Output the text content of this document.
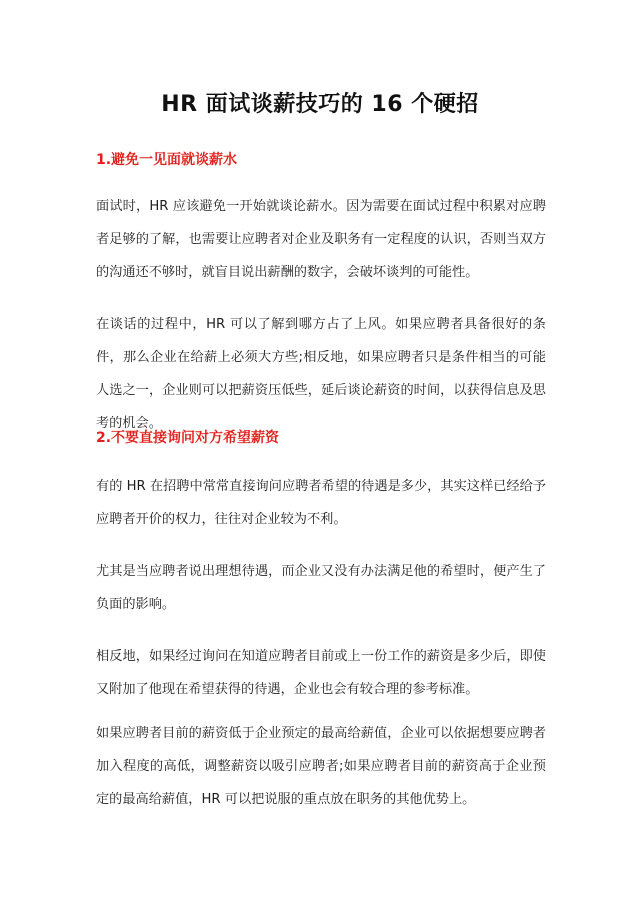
HR 面试谈薪技巧的 16 个硬招
1.避免一见面就谈薪水

面试时，HR 应该避免一开始就谈论薪水。因为需要在面试过程中积累对应聘者足够的了解，也需要让应聘者对企业及职务有一定程度的认识，否则当双方的沟通还不够时，就盲目说出薪酬的数字，会破坏谈判的可能性。

在谈话的过程中，HR 可以了解到哪方占了上风。如果应聘者具备很好的条件，那么企业在给薪上必须大方些;相反地，如果应聘者只是条件相当的可能人选之一，企业则可以把薪资压低些，延后谈论薪资的时间，以获得信息及思考的机会。

2.不要直接询问对方希望薪资

有的 HR 在招聘中常常直接询问应聘者希望的待遇是多少，其实这样已经给予应聘者开价的权力，往往对企业较为不利。

尤其是当应聘者说出理想待遇，而企业又没有办法满足他的希望时，便产生了负面的影响。

相反地，如果经过询问在知道应聘者目前或上一份工作的薪资是多少后，即使又附加了他现在希望获得的待遇，企业也会有较合理的参考标准。

如果应聘者目前的薪资低于企业预定的最高给薪值，企业可以依据想要应聘者加入程度的高低，调整薪资以吸引应聘者;如果应聘者目前的薪资高于企业预定的最高给薪值，HR 可以把说服的重点放在职务的其他优势上。
